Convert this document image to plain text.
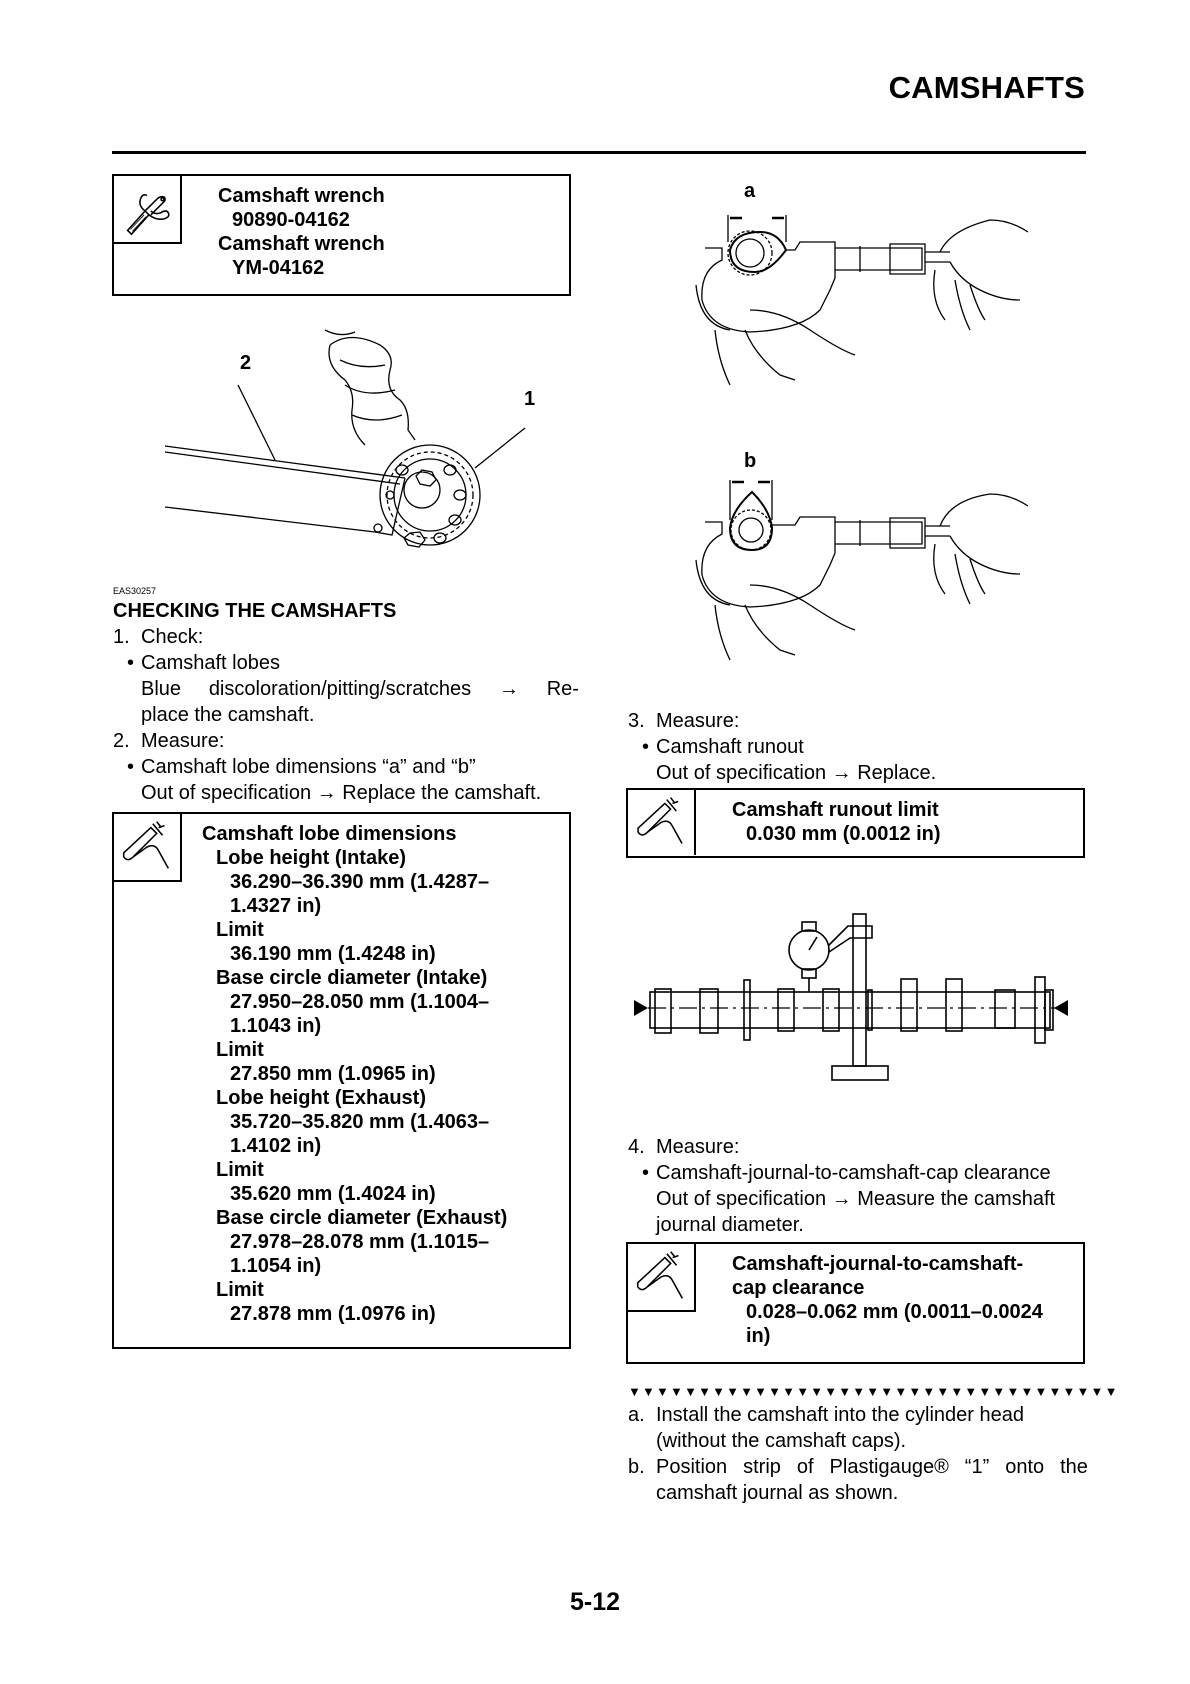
CAMSHAFTS
Camshaft wrench
90890-04162
Camshaft wrench
YM-04162
2
1
EAS30257
CHECKING THE CAMSHAFTS
1. Check:
• Camshaft lobes
Blue discoloration/pitting/scratches → Re-
place the camshaft.
2. Measure:
• Camshaft lobe dimensions “a” and “b”
Out of specification → Replace the camshaft.
Camshaft lobe dimensions
Lobe height (Intake)
36.290–36.390 mm (1.4287–
1.4327 in)
Limit
36.190 mm (1.4248 in)
Base circle diameter (Intake)
27.950–28.050 mm (1.1004–
1.1043 in)
Limit
27.850 mm (1.0965 in)
Lobe height (Exhaust)
35.720–35.820 mm (1.4063–
1.4102 in)
Limit
35.620 mm (1.4024 in)
Base circle diameter (Exhaust)
27.978–28.078 mm (1.1015–
1.1054 in)
Limit
27.878 mm (1.0976 in)
a
b
3. Measure:
• Camshaft runout
Out of specification → Replace.
Camshaft runout limit
0.030 mm (0.0012 in)
4. Measure:
• Camshaft-journal-to-camshaft-cap clearance
Out of specification → Measure the camshaft
journal diameter.
Camshaft-journal-to-camshaft-
cap clearance
0.028–0.062 mm (0.0011–0.0024
in)
▼▼▼▼▼▼▼▼▼▼▼▼▼▼▼▼▼▼▼▼▼▼▼▼▼▼▼▼▼▼▼▼▼▼▼
a. Install the camshaft into the cylinder head
(without the camshaft caps).
b. Position strip of Plastigauge® “1” onto the
camshaft journal as shown.
5-12
